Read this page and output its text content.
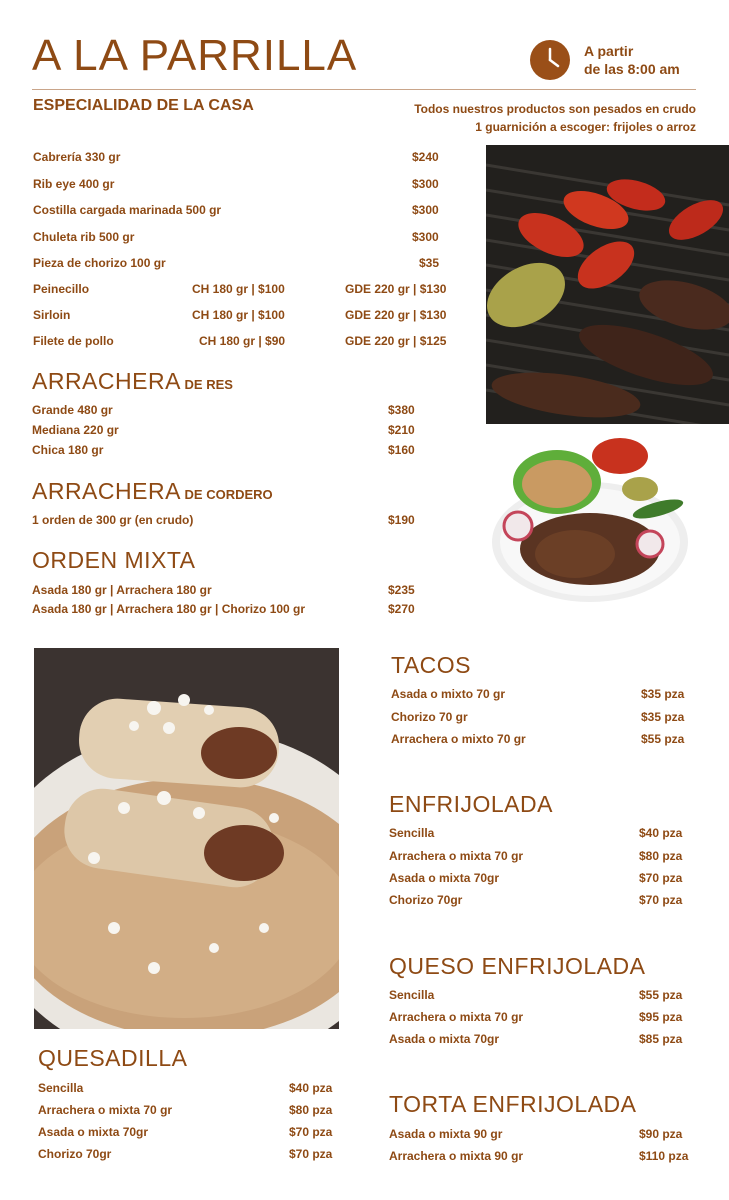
A LA PARRILLA	A partir
de las 8:00 am
ESPECIALIDAD DE LA CASA	Todos nuestros productos son pesados en crudo
1 guarnición a escoger: frijoles o arroz
Cabrería 330 gr	$240
Rib eye 400 gr	$300
Costilla cargada marinada 500 gr	$300
Chuleta rib 500 gr	$300
Pieza de chorizo 100 gr	$35
Peinecillo	CH 180 gr | $100	GDE 220 gr | $130
Sirloin	CH 180 gr | $100	GDE 220 gr | $130
Filete de pollo	CH 180 gr | $90	GDE 220 gr | $125
ARRACHERA DE RES
Grande 480 gr	$380
Mediana 220 gr	$210
Chica 180 gr	$160
ARRACHERA DE CORDERO
1 orden de 300 gr (en crudo)	$190
ORDEN MIXTA
Asada 180 gr | Arrachera 180 gr	$235
Asada 180 gr | Arrachera 180 gr | Chorizo 100 gr	$270
TACOS
Asada o mixto 70 gr	$35 pza
Chorizo 70 gr	$35 pza
Arrachera o mixto 70 gr	$55 pza
ENFRIJOLADA
Sencilla	$40 pza
Arrachera o mixta 70 gr	$80 pza
Asada o mixta 70gr	$70 pza
Chorizo 70gr	$70 pza
QUESO ENFRIJOLADA
Sencilla	$55 pza
Arrachera o mixta 70 gr	$95 pza
Asada o mixta 70gr	$85 pza
QUESADILLA
Sencilla	$40 pza
Arrachera o mixta 70 gr	$80 pza
Asada o mixta 70gr	$70 pza
Chorizo 70gr	$70 pza
TORTA ENFRIJOLADA
Asada o mixta 90 gr	$90 pza
Arrachera o mixta 90 gr	$110 pza
